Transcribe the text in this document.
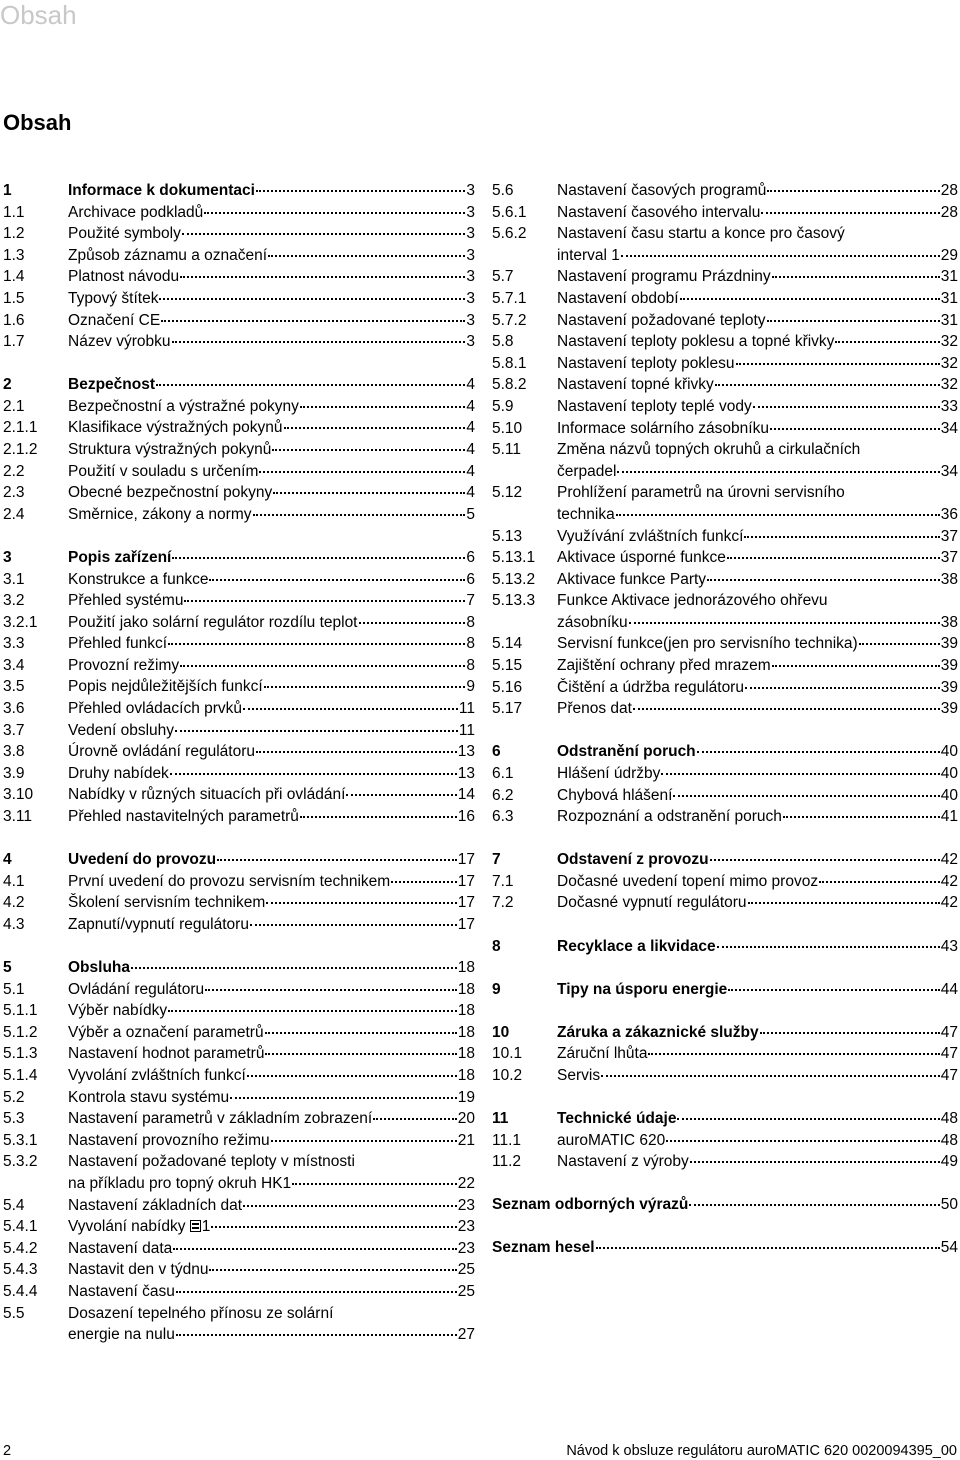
Obsah
Obsah
1	Informace k dokumentaci	3
1.1	Archivace podkladů	3
1.2	Použité symboly	3
1.3	Způsob záznamu a označení	3
1.4	Platnost návodu	3
1.5	Typový štítek	3
1.6	Označení CE	3
1.7	Název výrobku	3
2	Bezpečnost	4
2.1	Bezpečnostní a výstražné pokyny	4
2.1.1	Klasifikace výstražných pokynů	4
2.1.2	Struktura výstražných pokynů	4
2.2	Použití v souladu s určením	4
2.3	Obecné bezpečnostní pokyny	4
2.4	Směrnice, zákony a normy	5
3	Popis zařízení	6
3.1	Konstrukce a funkce	6
3.2	Přehled systému	7
3.2.1	Použití jako solární regulátor rozdílu teplot	8
3.3	Přehled funkcí	8
3.4	Provozní režimy	8
3.5	Popis nejdůležitějších funkcí	9
3.6	Přehled ovládacích prvků	11
3.7	Vedení obsluhy	11
3.8	Úrovně ovládání regulátoru	13
3.9	Druhy nabídek	13
3.10	Nabídky v různých situacích při ovládání	14
3.11	Přehled nastavitelných parametrů	16
4	Uvedení do provozu	17
4.1	První uvedení do provozu servisním technikem	17
4.2	Školení servisním technikem	17
4.3	Zapnutí/vypnutí regulátoru	17
5	Obsluha	18
5.1	Ovládání regulátoru	18
5.1.1	Výběr nabídky	18
5.1.2	Výběr a označení parametrů	18
5.1.3	Nastavení hodnot parametrů	18
5.1.4	Vyvolání zvláštních funkcí	18
5.2	Kontrola stavu systému	19
5.3	Nastavení parametrů v základním zobrazení	20
5.3.1	Nastavení provozního režimu	21
5.3.2	Nastavení požadované teploty v místnosti
na příkladu pro topný okruh HK1	22
5.4	Nastavení základních dat	23
5.4.1	Vyvolání nabídky 1	23
5.4.2	Nastavení data	23
5.4.3	Nastavit den v týdnu	25
5.4.4	Nastavení času	25
5.5	Dosazení tepelného přínosu ze solární
energie na nulu	27
5.6	Nastavení časových programů	28
5.6.1	Nastavení časového intervalu	28
5.6.2	Nastavení času startu a konce pro časový
interval 1	29
5.7	Nastavení programu Prázdniny	31
5.7.1	Nastavení období	31
5.7.2	Nastavení požadované teploty	31
5.8	Nastavení teploty poklesu a topné křivky	32
5.8.1	Nastavení teploty poklesu	32
5.8.2	Nastavení topné křivky	32
5.9	Nastavení teploty teplé vody	33
5.10	Informace solárního zásobníku	34
5.11	Změna názvů topných okruhů a cirkulačních
čerpadel	34
5.12	Prohlížení parametrů na úrovni servisního
technika	36
5.13	Využívání zvláštních funkcí	37
5.13.1	Aktivace úsporné funkce	37
5.13.2	Aktivace funkce Party	38
5.13.3	Funkce Aktivace jednorázového ohřevu
zásobníku	38
5.14	Servisní funkce(jen pro servisního technika)	39
5.15	Zajištění ochrany před mrazem	39
5.16	Čištění a údržba regulátoru	39
5.17	Přenos dat	39
6	Odstranění poruch	40
6.1	Hlášení údržby	40
6.2	Chybová hlášení	40
6.3	Rozpoznání a odstranění poruch	41
7	Odstavení z provozu	42
7.1	Dočasné uvedení topení mimo provoz	42
7.2	Dočasné vypnutí regulátoru	42
8	Recyklace a likvidace	43
9	Tipy na úsporu energie	44
10	Záruka a zákaznické služby	47
10.1	Záruční lhůta	47
10.2	Servis	47
11	Technické údaje	48
11.1	auroMATIC 620	48
11.2	Nastavení z výroby	49
Seznam odborných výrazů	50
Seznam hesel	54
2	Návod k obsluze regulátoru auroMATIC 620 0020094395_00
